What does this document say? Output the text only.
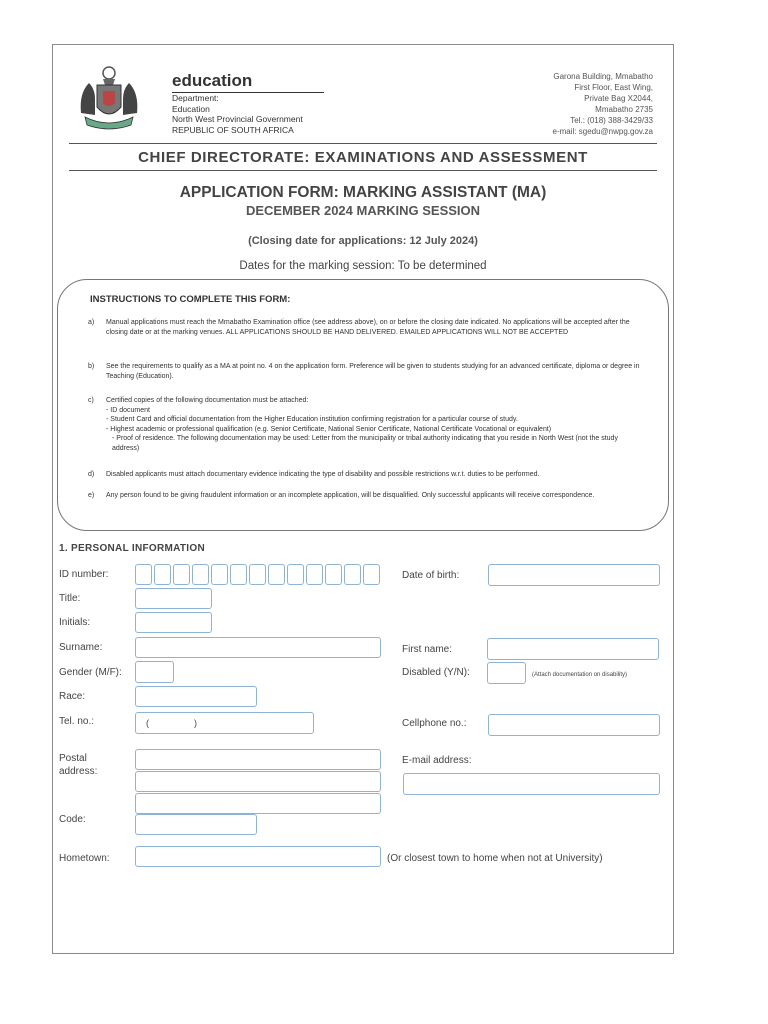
education
Department:
Education
North West Provincial Government
REPUBLIC OF SOUTH AFRICA
Garona Building, Mmabatho
First Floor, East Wing,
Private Bag X2044,
Mmabatho 2735
Tel.: (018) 388-3429/33
e-mail: sgedu@nwpg.gov.za
CHIEF DIRECTORATE: EXAMINATIONS AND ASSESSMENT
APPLICATION FORM: MARKING ASSISTANT (MA)
DECEMBER 2024 MARKING SESSION
(Closing date for applications: 12 July 2024)
Dates for the marking session: To be determined
INSTRUCTIONS TO COMPLETE THIS FORM:
a) Manual applications must reach the Mmabatho Examination office (see address above), on or before the closing date indicated. No applications will be accepted after the closing date or at the marking venues. ALL APPLICATIONS SHOULD BE HAND DELIVERED. EMAILED APPLICATIONS WILL NOT BE ACCEPTED
b) See the requirements to qualify as a MA at point no. 4 on the application form. Preference will be given to students studying for an advanced certificate, diploma or degree in Teaching (Education).
c) Certified copies of the following documentation must be attached:
- ID document
- Student Card and official documentation from the Higher Education institution confirming registration for a particular course of study.
- Highest academic or professional qualification (e.g. Senior Certificate, National Senior Certificate, National Certificate Vocational or equivalent)
- Proof of residence. The following documentation may be used: Letter from the municipality or tribal authority indicating that you reside in North West (not the study address)
d) Disabled applicants must attach documentary evidence indicating the type of disability and possible restrictions w.r.t. duties to be performed.
e) Any person found to be giving fraudulent information or an incomplete application, will be disqualified. Only successful applicants will receive correspondence.
1. PERSONAL INFORMATION
ID number:
Title:
Initials:
Surname:
Gender (M/F):
Race:
Tel. no.:
Postal
address:
Code:
Hometown:
(	)
(Or closest town to home when not at University)
Date of birth:
First name:
Disabled (Y/N):	(Attach documentation on disability)
Cellphone no.:
E-mail address:
